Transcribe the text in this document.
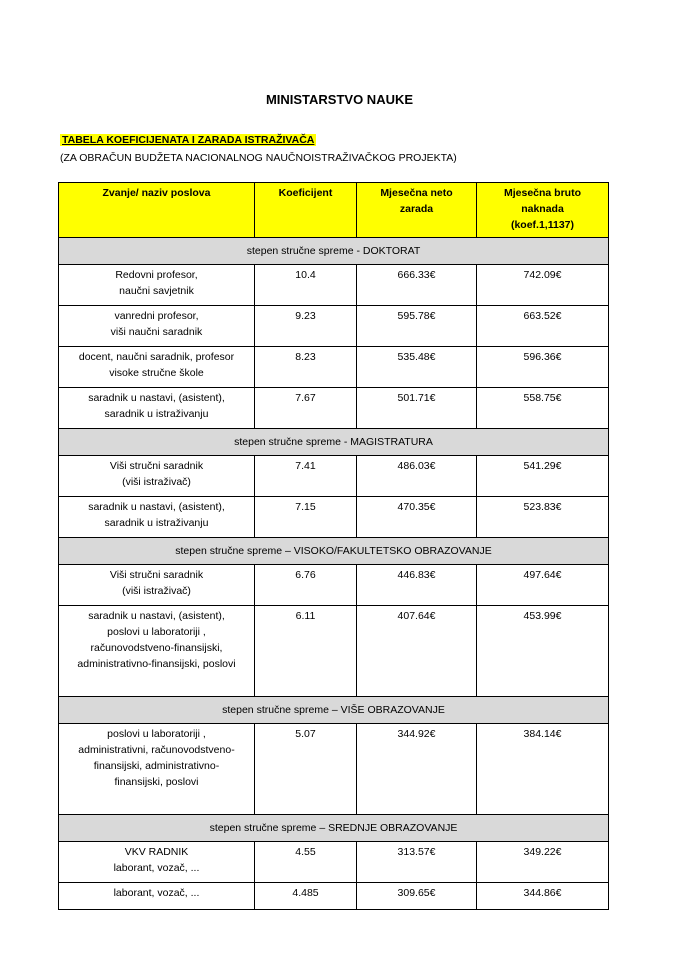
MINISTARSTVO NAUKE
TABELA KOEFICIJENATA I ZARADA ISTRAŽIVAČA
(ZA OBRAČUN BUDŽETA NACIONALNOG NAUČNOISTRAŽIVAČKOG PROJEKTA)
Zvanje/ naziv poslova	Koeficijent	Mjesečna neto zarada	Mjesečna bruto naknada (koef.1,1137)
stepen stručne spreme - DOKTORAT			

Redovni profesor,
naučni savjetnik	10.4	666.33€	742.09€

vanredni profesor,
viši naučni saradnik	9.23	595.78€	663.52€

docent, naučni saradnik, profesor
visoke stručne škole	8.23	535.48€	596.36€

saradnik u nastavi, (asistent),
saradnik u istraživanju	7.67	501.71€	558.75€
stepen stručne spreme - MAGISTRATURA			

Viši stručni saradnik
(viši istraživač)	7.41	486.03€	541.29€

saradnik u nastavi, (asistent),
saradnik u istraživanju	7.15	470.35€	523.83€
stepen stručne spreme – VISOKO/FAKULTETSKO OBRAZOVANJE			

Viši stručni saradnik
(viši istraživač)	6.76	446.83€	497.64€

saradnik u nastavi, (asistent),
poslovi u laboratoriji ,
računovodstveno-finansijski,
administrativno-finansijski, poslovi	6.11	407.64€	453.99€
stepen stručne spreme – VIŠE OBRAZOVANJE			

poslovi u laboratoriji ,
administrativni, računovodstveno-
finansijski, administrativno-
finansijski, poslovi	5.07	344.92€	384.14€
stepen stručne spreme – SREDNJE OBRAZOVANJE			

VKV RADNIK
laborant, vozač, ...	4.55	313.57€	349.22€

laborant, vozač, ...	4.485	309.65€	344.86€
